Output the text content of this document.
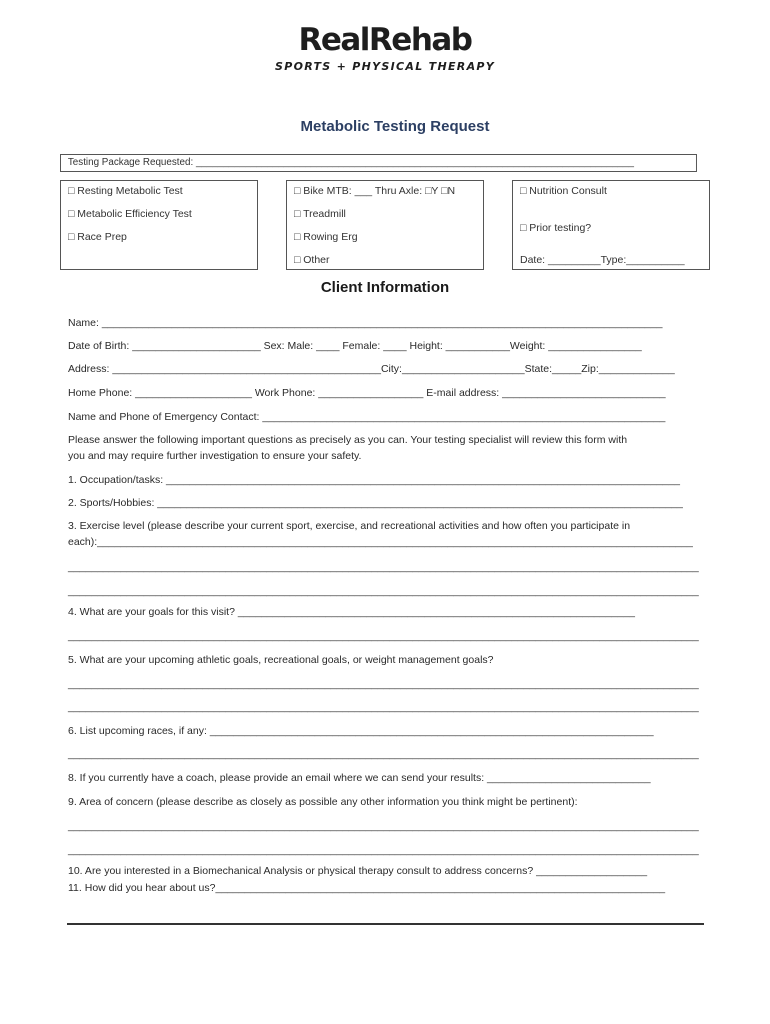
RealRehab
SPORTS + PHYSICAL THERAPY
Metabolic Testing Request
Testing Package Requested: ________________________________________________________________________________
□ Resting Metabolic Test
□ Metabolic Efficiency Test
□ Race Prep
□ Bike MTB: ___ Thru Axle: □Y □N
□ Treadmill
□ Rowing Erg
□ Other
□ Nutrition Consult
□ Prior testing?
Date: _________Type:__________
Client Information
Name: ________________________________________________________________________________________________
Date of Birth: ______________________ Sex: Male: ____ Female: ____ Height: ___________Weight: ________________
Address: ______________________________________________City:_____________________State:_____Zip:_____________
Home Phone: ____________________ Work Phone: __________________ E-mail address: ____________________________
Name and Phone of Emergency Contact: _____________________________________________________________________
Please answer the following important questions as precisely as you can. Your testing specialist will review this form with
you and may require further investigation to ensure your safety.
1. Occupation/tasks: ________________________________________________________________________________________
2. Sports/Hobbies: __________________________________________________________________________________________
3. Exercise level (please describe your current sport, exercise, and recreational activities and how often you participate in
each):______________________________________________________________________________________________________
____________________________________________________________________________________________________________
____________________________________________________________________________________________________________
4. What are your goals for this visit? ____________________________________________________________________
____________________________________________________________________________________________________________
5. What are your upcoming athletic goals, recreational goals, or weight management goals?
____________________________________________________________________________________________________________
____________________________________________________________________________________________________________
6. List upcoming races, if any: ____________________________________________________________________________
____________________________________________________________________________________________________________
8. If you currently have a coach, please provide an email where we can send your results: ____________________________
9. Area of concern (please describe as closely as possible any other information you think might be pertinent):
____________________________________________________________________________________________________________
____________________________________________________________________________________________________________
10. Are you interested in a Biomechanical Analysis or physical therapy consult to address concerns? ___________________
11. How did you hear about us?_____________________________________________________________________________
